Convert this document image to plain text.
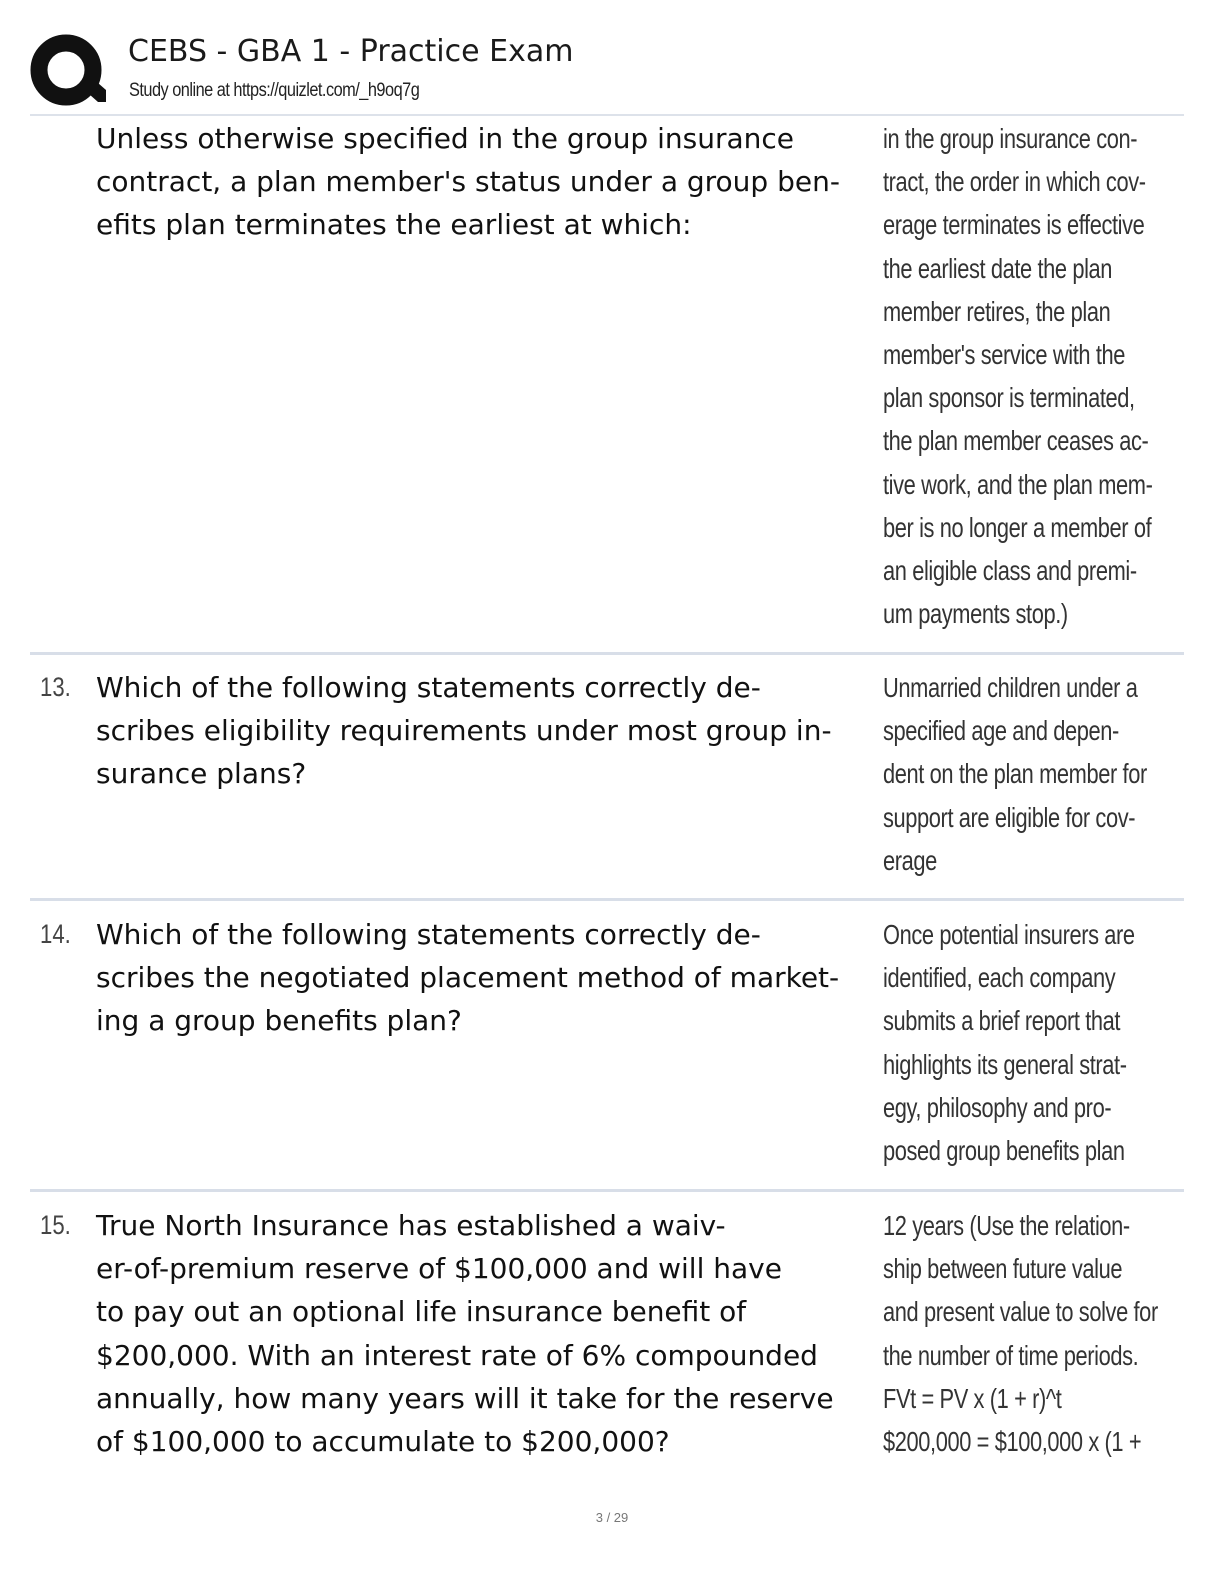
CEBS - GBA 1 - Practice Exam
Study online at https://quizlet.com/_h9oq7g
Unless otherwise specified in the group insurance
contract, a plan member's status under a group ben-
efits plan terminates the earliest at which:
in the group insurance con-
tract, the order in which cov-
erage terminates is effective
the earliest date the plan
member retires, the plan
member's service with the
plan sponsor is terminated,
the plan member ceases ac-
tive work, and the plan mem-
ber is no longer a member of
an eligible class and premi-
um payments stop.)
13. Which of the following statements correctly de-
scribes eligibility requirements under most group in-
surance plans?
Unmarried children under a
specified age and depen-
dent on the plan member for
support are eligible for cov-
erage
14. Which of the following statements correctly de-
scribes the negotiated placement method of market-
ing a group benefits plan?
Once potential insurers are
identified, each company
submits a brief report that
highlights its general strat-
egy, philosophy and pro-
posed group benefits plan
15. True North Insurance has established a waiv-
er-of-premium reserve of $100,000 and will have
to pay out an optional life insurance benefit of
$200,000. With an interest rate of 6% compounded
annually, how many years will it take for the reserve
of $100,000 to accumulate to $200,000?
12 years (Use the relation-
ship between future value
and present value to solve for
the number of time periods.
FVt = PV x (1 + r)^t
$200,000 = $100,000 x (1 +
3 / 29
